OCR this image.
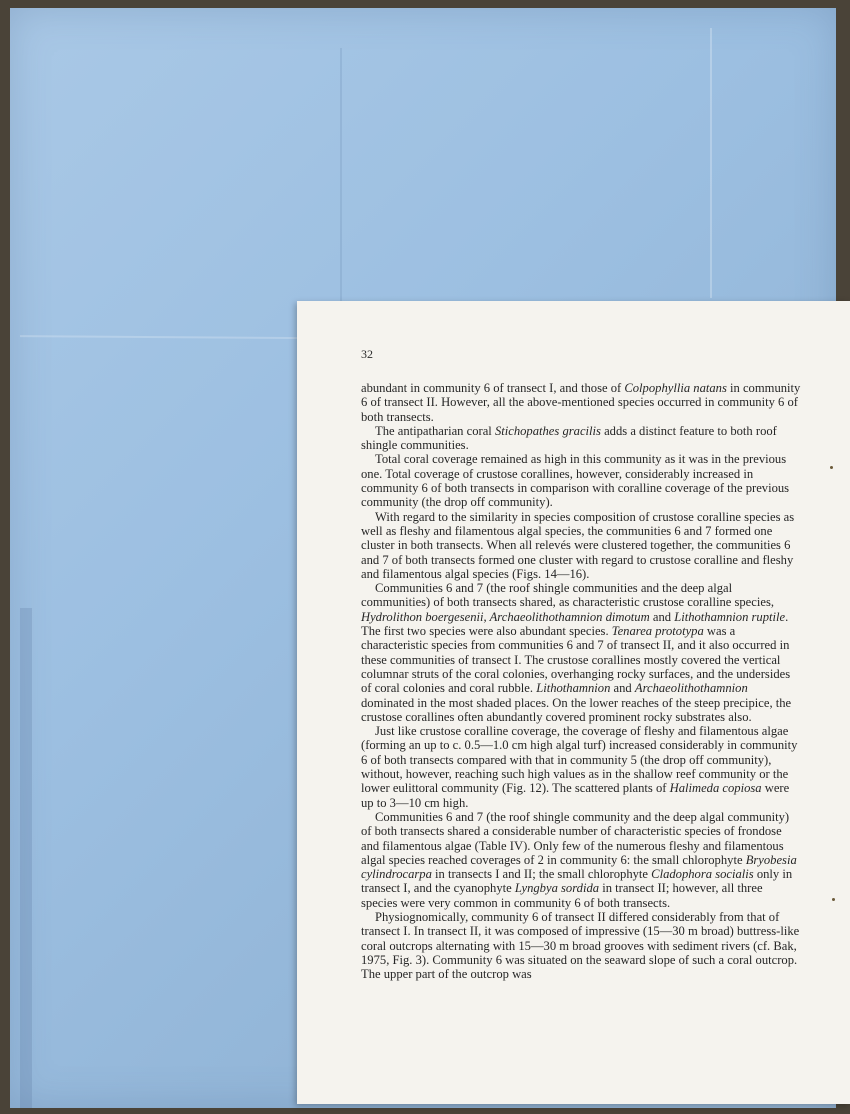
32

abundant in community 6 of transect I, and those of Colpophyllia natans in community 6 of transect II. However, all the above-mentioned species occurred in community 6 of both transects.

The antipatharian coral Stichopathes gracilis adds a distinct feature to both roof shingle communities.

Total coral coverage remained as high in this community as it was in the previous one. Total coverage of crustose corallines, however, considerably increased in community 6 of both transects in comparison with coralline coverage of the previous community (the drop off community).

With regard to the similarity in species composition of crustose coralline species as well as fleshy and filamentous algal species, the communities 6 and 7 formed one cluster in both transects. When all relevés were clustered together, the communities 6 and 7 of both transects formed one cluster with regard to crustose coralline and fleshy and filamentous algal species (Figs. 14—16).

Communities 6 and 7 (the roof shingle communities and the deep algal communities) of both transects shared, as characteristic crustose coralline species, Hydrolithon boergesenii, Archaeolithothamnion dimotum and Lithothamnion ruptile. The first two species were also abundant species. Tenarea prototypa was a characteristic species from communities 6 and 7 of transect II, and it also occurred in these communities of transect I. The crustose corallines mostly covered the vertical columnar struts of the coral colonies, overhanging rocky surfaces, and the undersides of coral colonies and coral rubble. Lithothamnion and Archaeolithothamnion dominated in the most shaded places. On the lower reaches of the steep precipice, the crustose corallines often abundantly covered prominent rocky substrates also.

Just like crustose coralline coverage, the coverage of fleshy and filamentous algae (forming an up to c. 0.5—1.0 cm high algal turf) increased considerably in community 6 of both transects compared with that in community 5 (the drop off community), without, however, reaching such high values as in the shallow reef community or the lower eulittoral community (Fig. 12). The scattered plants of Halimeda copiosa were up to 3—10 cm high.

Communities 6 and 7 (the roof shingle community and the deep algal community) of both transects shared a considerable number of characteristic species of frondose and filamentous algae (Table IV). Only few of the numerous fleshy and filamentous algal species reached coverages of 2 in community 6: the small chlorophyte Bryobesia cylindrocarpa in transects I and II; the small chlorophyte Cladophora socialis only in transect I, and the cyanophyte Lyngbya sordida in transect II; however, all three species were very common in community 6 of both transects.

Physiognomically, community 6 of transect II differed considerably from that of transect I. In transect II, it was composed of impressive (15—30 m broad) buttress-like coral outcrops alternating with 15—30 m broad grooves with sediment rivers (cf. Bak, 1975, Fig. 3). Community 6 was situated on the seaward slope of such a coral outcrop. The upper part of the outcrop was
